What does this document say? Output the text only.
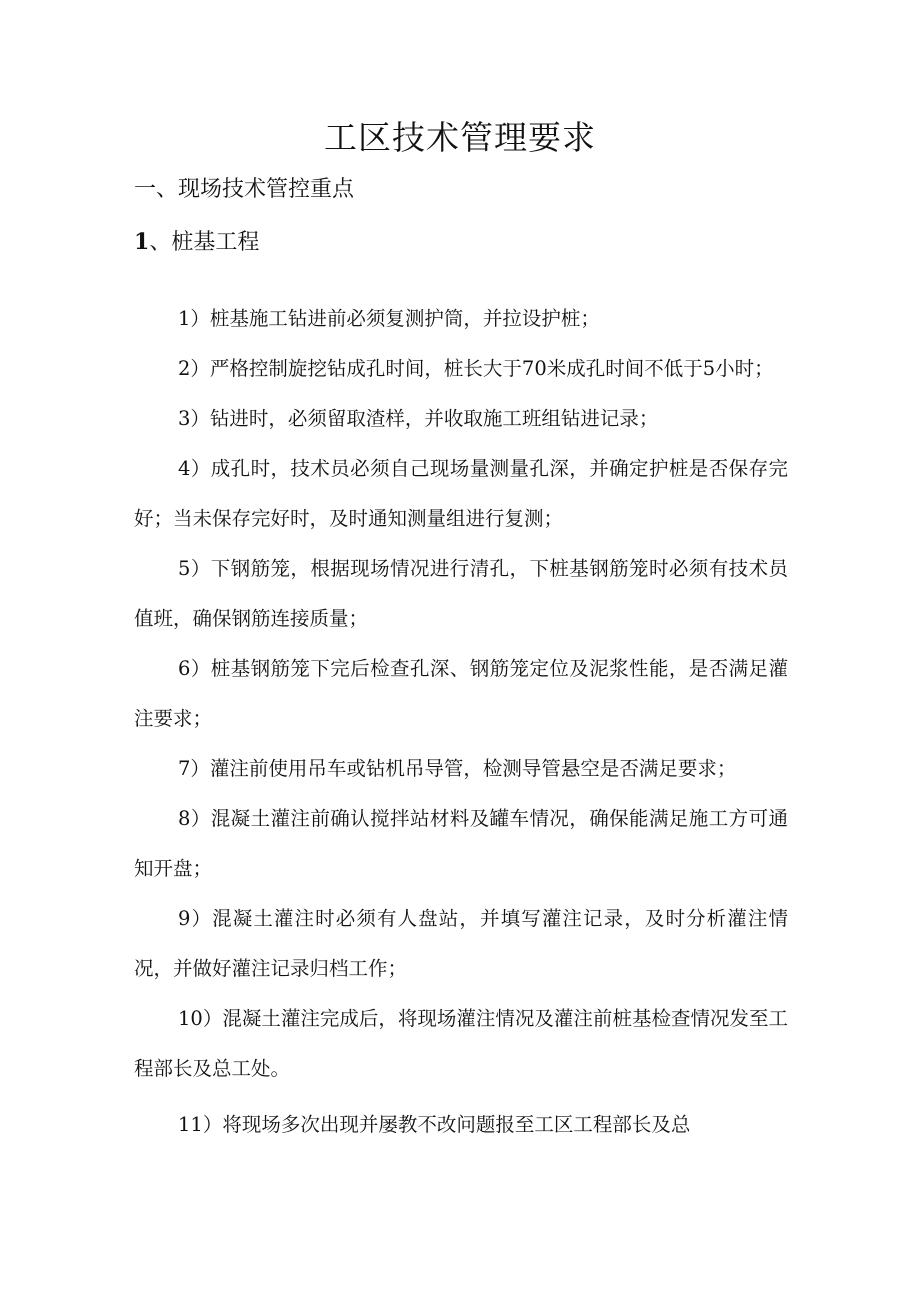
工区技术管理要求
一、现场技术管控重点
1、桩基工程

1）桩基施工钻进前必须复测护筒，并拉设护桩；

2）严格控制旋挖钻成孔时间，桩长大于70米成孔时间不低于5小时；

3）钻进时，必须留取渣样，并收取施工班组钻进记录；

4）成孔时，技术员必须自己现场量测量孔深，并确定护桩是否保存完好；当未保存完好时，及时通知测量组进行复测；

5）下钢筋笼，根据现场情况进行清孔，下桩基钢筋笼时必须有技术员值班，确保钢筋连接质量；

6）桩基钢筋笼下完后检查孔深、钢筋笼定位及泥浆性能，是否满足灌注要求；

7）灌注前使用吊车或钻机吊导管，检测导管悬空是否满足要求；

8）混凝土灌注前确认搅拌站材料及罐车情况，确保能满足施工方可通知开盘；

9）混凝土灌注时必须有人盘站，并填写灌注记录，及时分析灌注情况，并做好灌注记录归档工作；

10）混凝土灌注完成后，将现场灌注情况及灌注前桩基检查情况发至工程部长及总工处。

11）将现场多次出现并屡教不改问题报至工区工程部长及总
